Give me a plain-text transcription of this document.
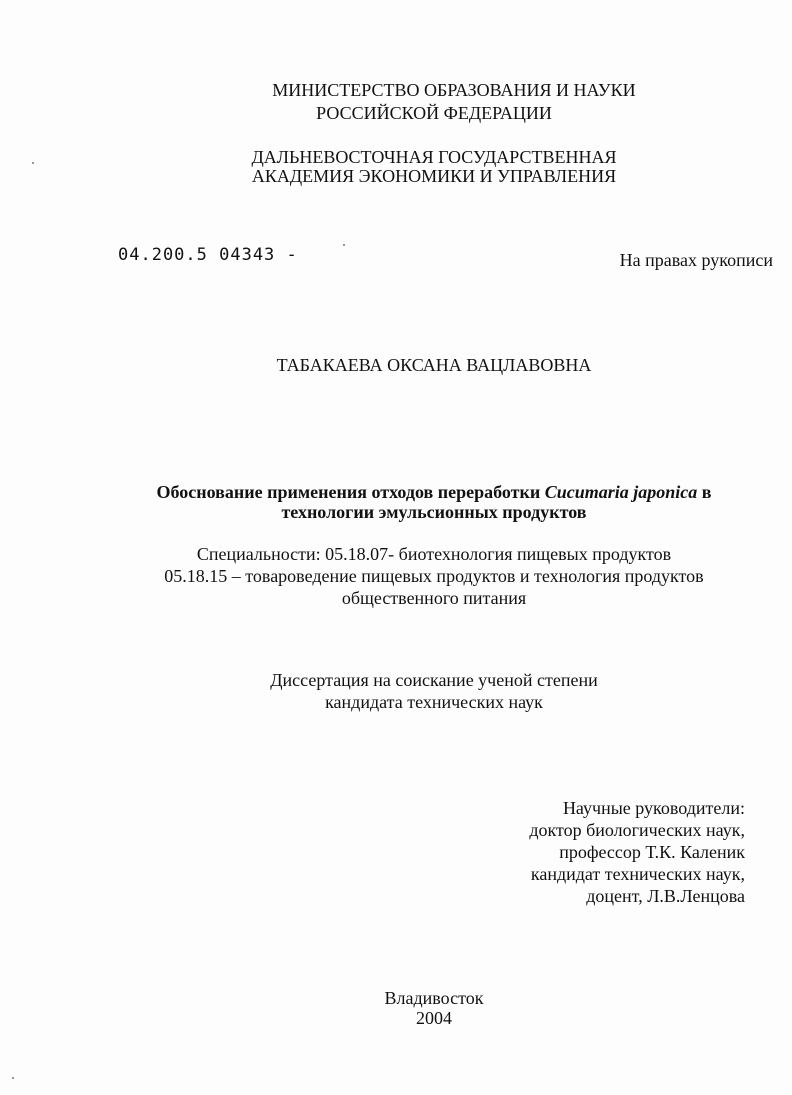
МИНИСТЕРСТВО ОБРАЗОВАНИЯ И НАУКИ
РОССИЙСКОЙ ФЕДЕРАЦИИ
ДАЛЬНЕВОСТОЧНАЯ ГОСУДАРСТВЕННАЯ
АКАДЕМИЯ ЭКОНОМИКИ И УПРАВЛЕНИЯ
04.200.5 04343 -	На правах рукописи
ТАБАКАЕВА ОКСАНА ВАЦЛАВОВНА
Обоснование применения отходов переработки Cucumaria japonica в
технологии эмульсионных продуктов
Специальности: 05.18.07- биотехнология пищевых продуктов
05.18.15 – товароведение пищевых продуктов и технология продуктов
общественного питания
Диссертация на соискание ученой степени
кандидата технических наук
Научные руководители:
доктор биологических наук,
профессор Т.К. Каленик
кандидат технических наук,
доцент, Л.В.Ленцова
Владивосток
2004
